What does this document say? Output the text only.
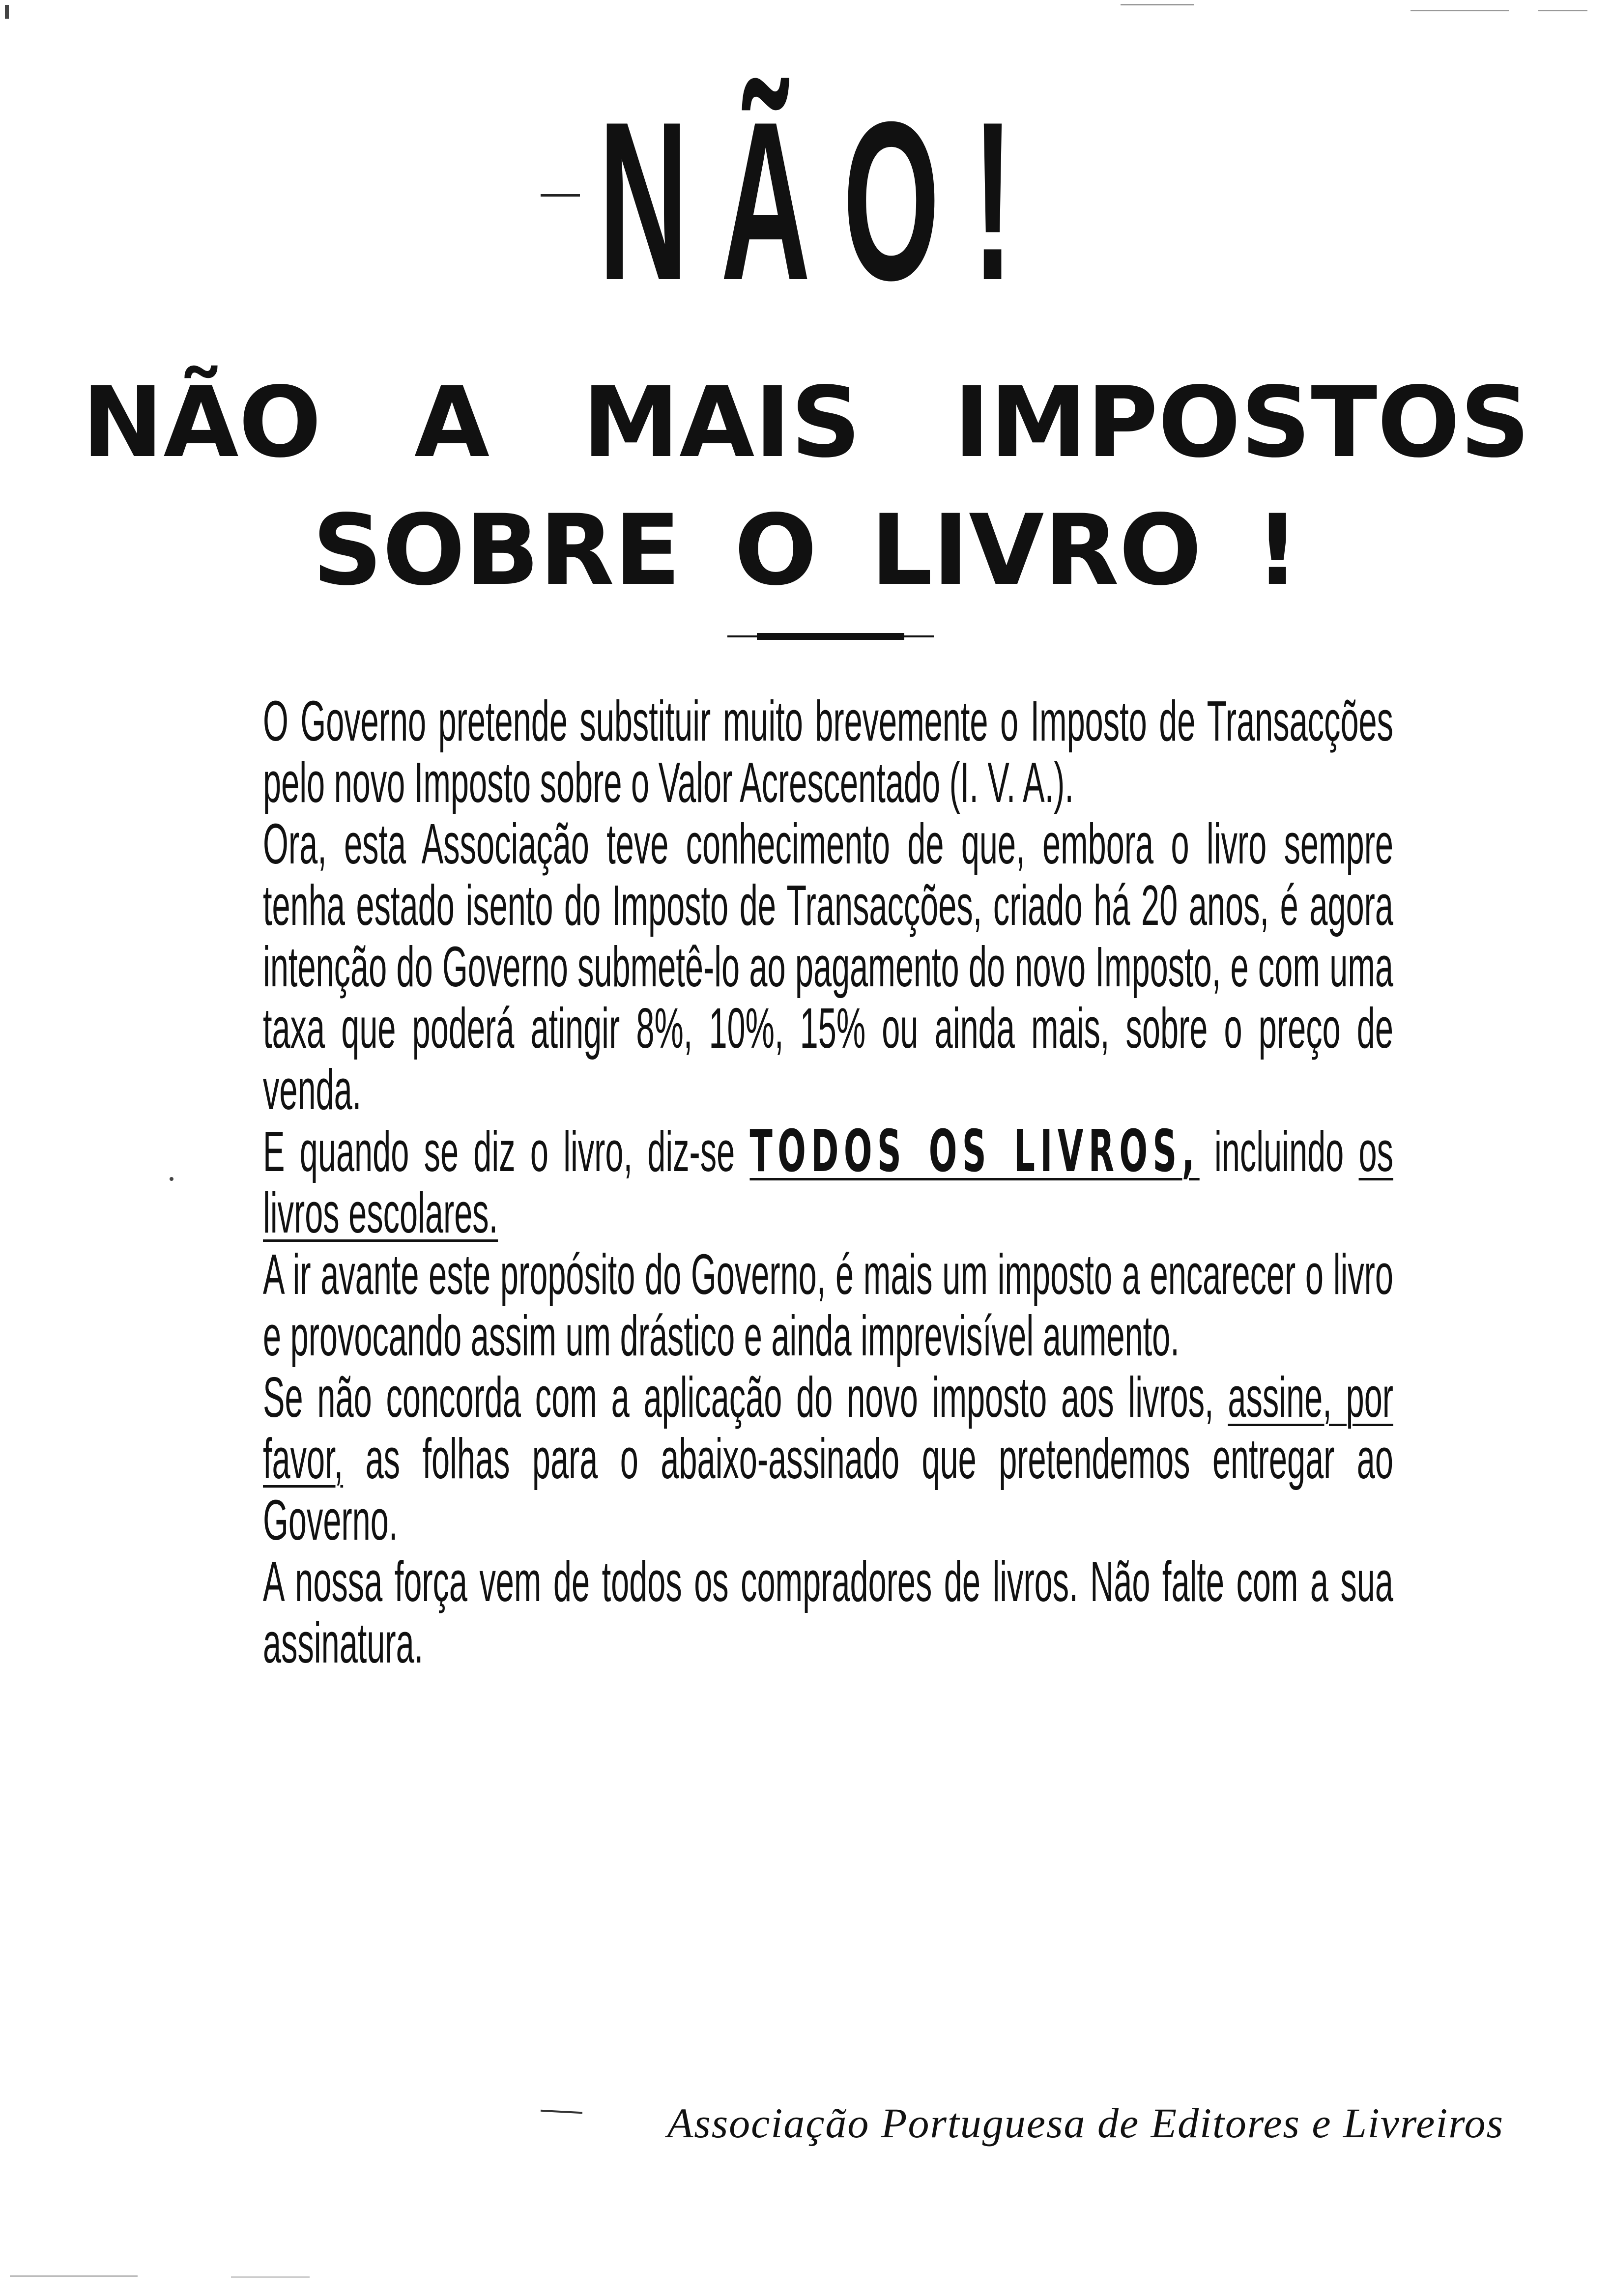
NÃO!
NÃO A MAIS IMPOSTOS
SOBRE O LIVRO !

O Governo pretende substituir muito brevemente o Imposto de Transacções pelo novo Imposto sobre o Valor Acrescentado (I. V. A.).

Ora, esta Associação teve conhecimento de que, embora o livro sempre tenha estado isento do Imposto de Transacções, criado há 20 anos, é agora intenção do Governo submetê-lo ao pagamento do novo Imposto, e com uma taxa que poderá atingir 8%, 10%, 15% ou ainda mais, sobre o preço de venda.

E quando se diz o livro, diz-se TODOS OS LIVROS, incluindo os livros escolares.

A ir avante este propósito do Governo, é mais um imposto a encarecer o livro e provocando assim um drástico e ainda imprevisível aumento.

Se não concorda com a aplicação do novo imposto aos livros, assine, por favor, as folhas para o abaixo-assinado que pretendemos entregar ao Governo.

A nossa força vem de todos os compradores de livros. Não falte com a sua assinatura.

Associação Portuguesa de Editores e Livreiros
